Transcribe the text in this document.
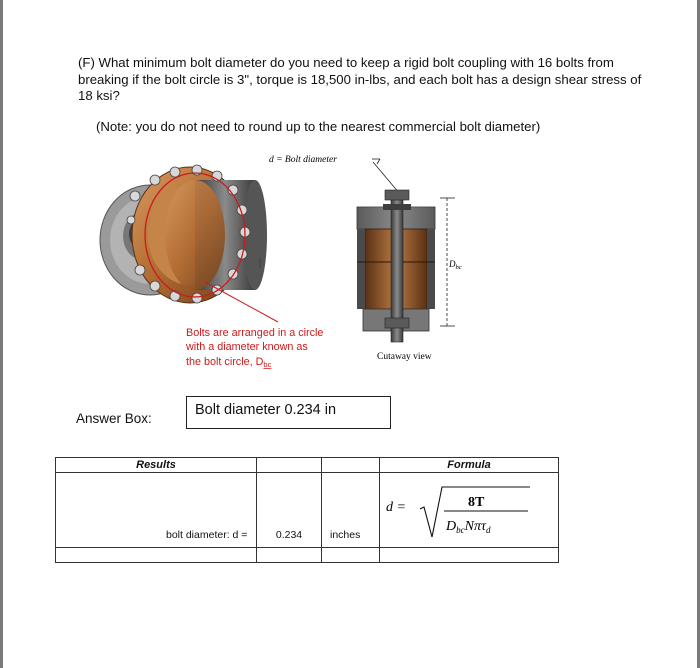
(F) What minimum bolt diameter do you need to keep a rigid bolt coupling with 16 bolts from breaking if the bolt circle is 3", torque is 18,500 in-lbs, and each bolt has a design shear stress of 18 ksi?
(Note: you do not need to round up to the nearest commercial bolt diameter)
d = Bolt diameter
$D_{bc}$
Bolts are arranged in a circle
with a diameter known as
the bolt circle, Dbc
Cutaway view
Answer Box:
Bolt diameter 0.234 in
Results			Formula
bolt diameter: d =	0.234	inches	d = 8T
$D_{bc}N\pi\tau_d$
